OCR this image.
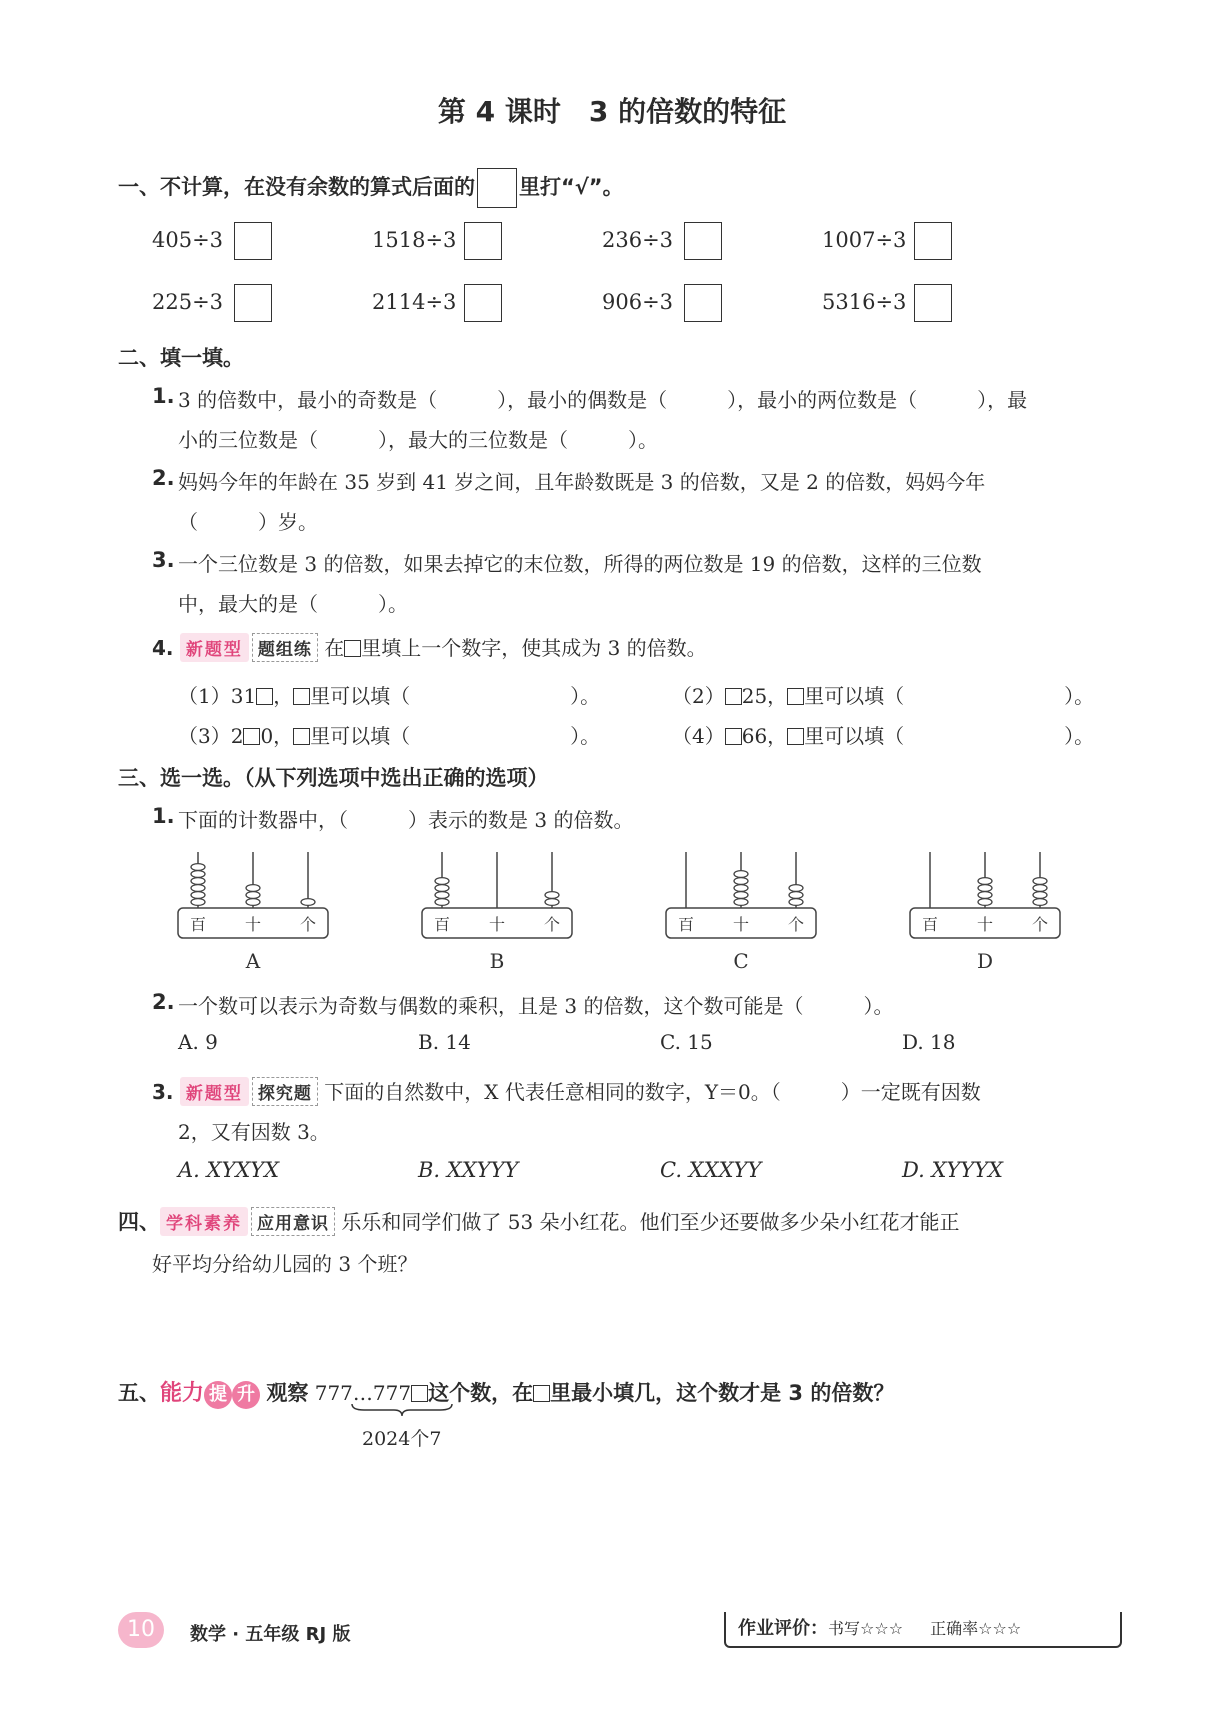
第 4 课时　3 的倍数的特征
一、不计算，在没有余数的算式后面的 里打“√”。
405÷3	1518÷3	236÷3	1007÷3
225÷3	2114÷3	906÷3	5316÷3
二、填一填。
1. 3 的倍数中，最小的奇数是（　　　），最小的偶数是（　　　），最小的两位数是（　　　），最
小的三位数是（　　　），最大的三位数是（　　　）。
2. 妈妈今年的年龄在 35 岁到 41 岁之间，且年龄数既是 3 的倍数，又是 2 的倍数，妈妈今年
（　　　）岁。
3. 一个三位数是 3 的倍数，如果去掉它的末位数，所得的两位数是 19 的倍数，这样的三位数
中，最大的是（　　　）。
4. 新题型 题组练 在 里填上一个数字，使其成为 3 的倍数。
（1）31 ， 里可以填（　　　　　　　　）。	（2） 25， 里可以填（　　　　　　　　）。
（3）2 0， 里可以填（　　　　　　　　）。	（4） 66， 里可以填（　　　　　　　　）。
三、选一选。（从下列选项中选出正确的选项）
1. 下面的计数器中，（　　　）表示的数是 3 的倍数。
百 十 个
A
百 十 个
B
百 十 个
C
百 十 个
D
2. 一个数可以表示为奇数与偶数的乘积，且是 3 的倍数，这个数可能是（　　　）。
A. 9	B. 14	C. 15	D. 18
3. 新题型 探究题 下面的自然数中，X 代表任意相同的数字，Y＝0。（　　　）一定既有因数
2，又有因数 3。
A. XYXYX	B. XXYYY	C. XXXYY	D. XYYYX
四、 学科素养 应用意识 乐乐和同学们做了 53 朵小红花。他们至少还要做多少朵小红花才能正
好平均分给幼儿园的 3 个班？
五、能力 提 升 观察 777…777 这个数，在 里最小填几，这个数才是 3 的倍数？
2024个7
10	数学 · 五年级 RJ 版	作业评价：书写☆☆☆ 正确率☆☆☆
